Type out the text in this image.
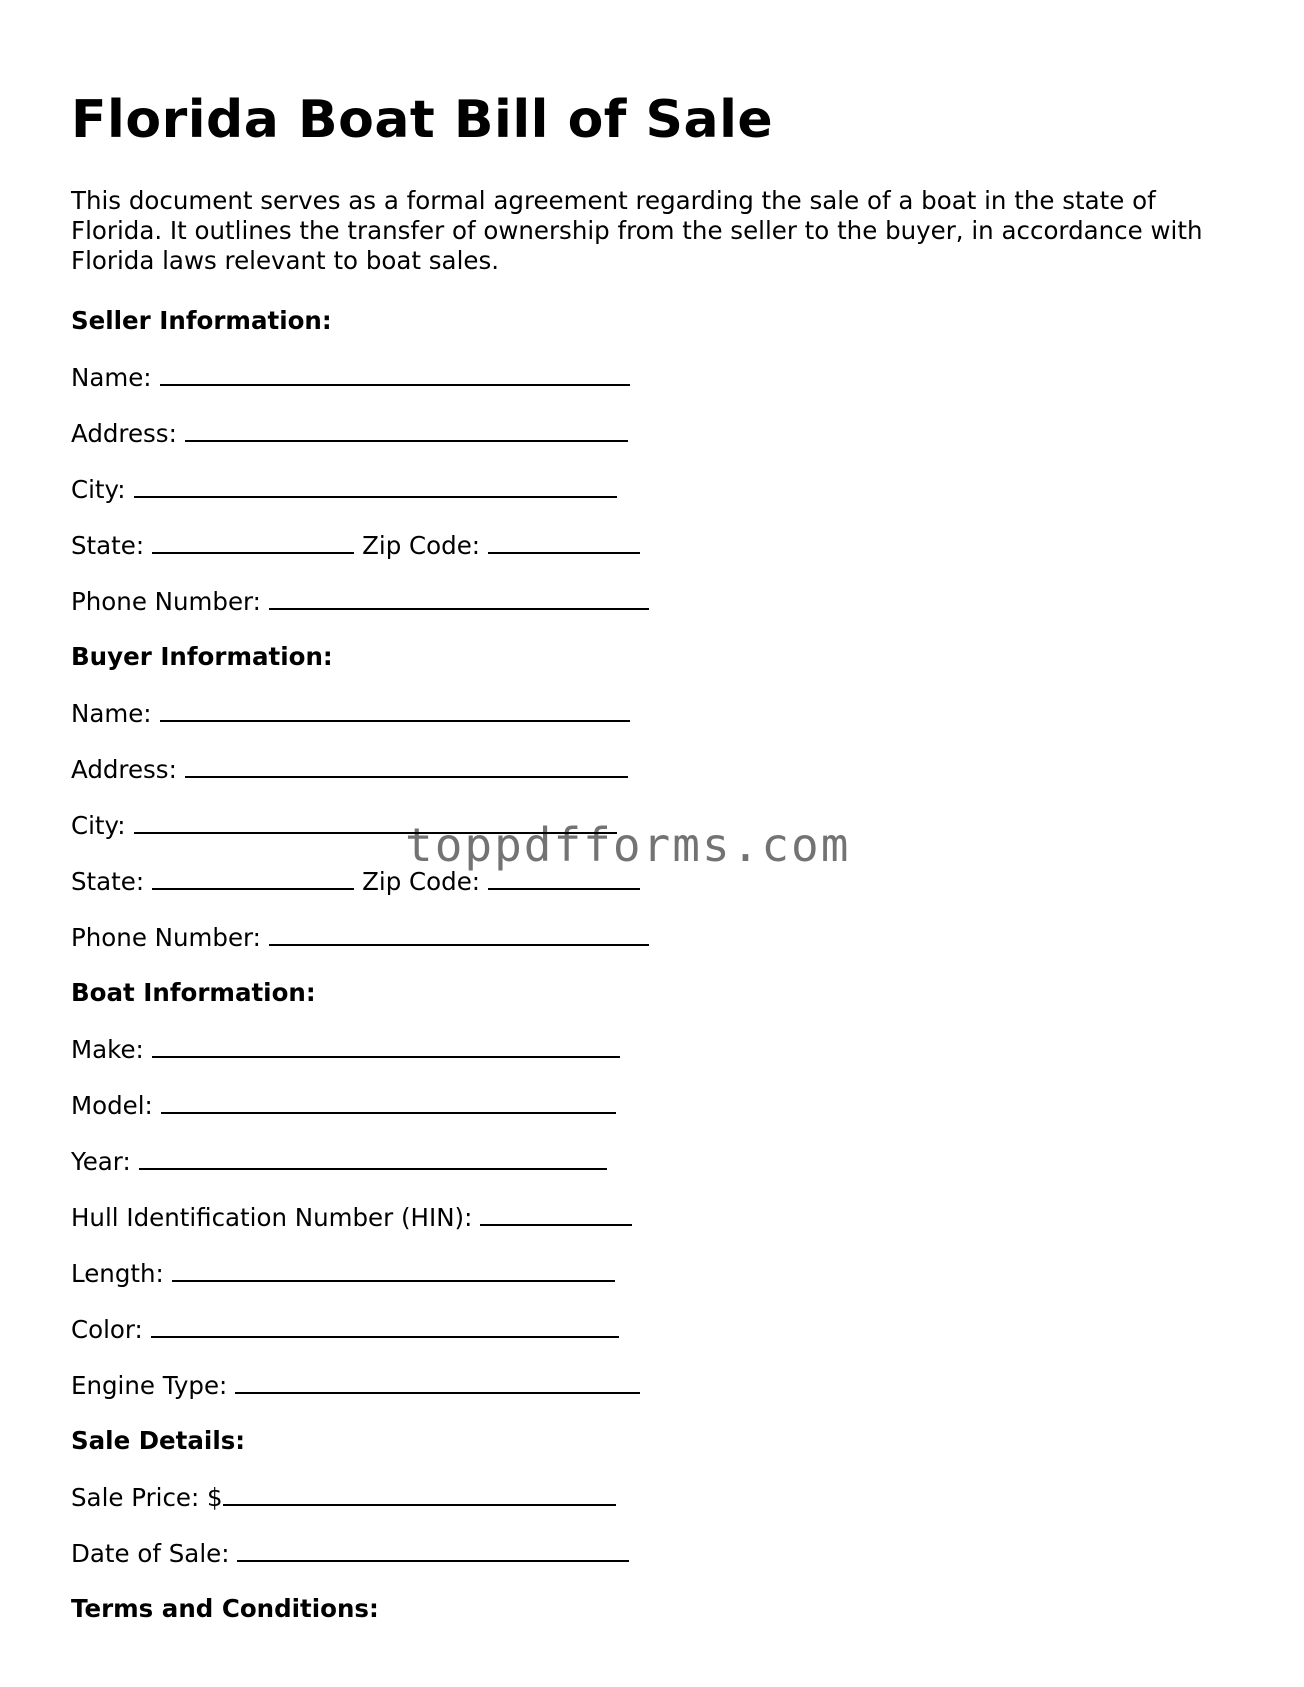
Florida Boat Bill of Sale

This document serves as a formal agreement regarding the sale of a boat in the state of Florida. It outlines the transfer of ownership from the seller to the buyer, in accordance with Florida laws relevant to boat sales.

Seller Information:

Name:

Address:

City:

State:	Zip Code:

Phone Number:

Buyer Information:

Name:

Address:

City:

State:	Zip Code:

Phone Number:

Boat Information:

Make:

Model:

Year:

Hull Identification Number (HIN):

Length:

Color:

Engine Type:

Sale Details:

Sale Price: $

Date of Sale:

Terms and Conditions:

toppdfforms.com
